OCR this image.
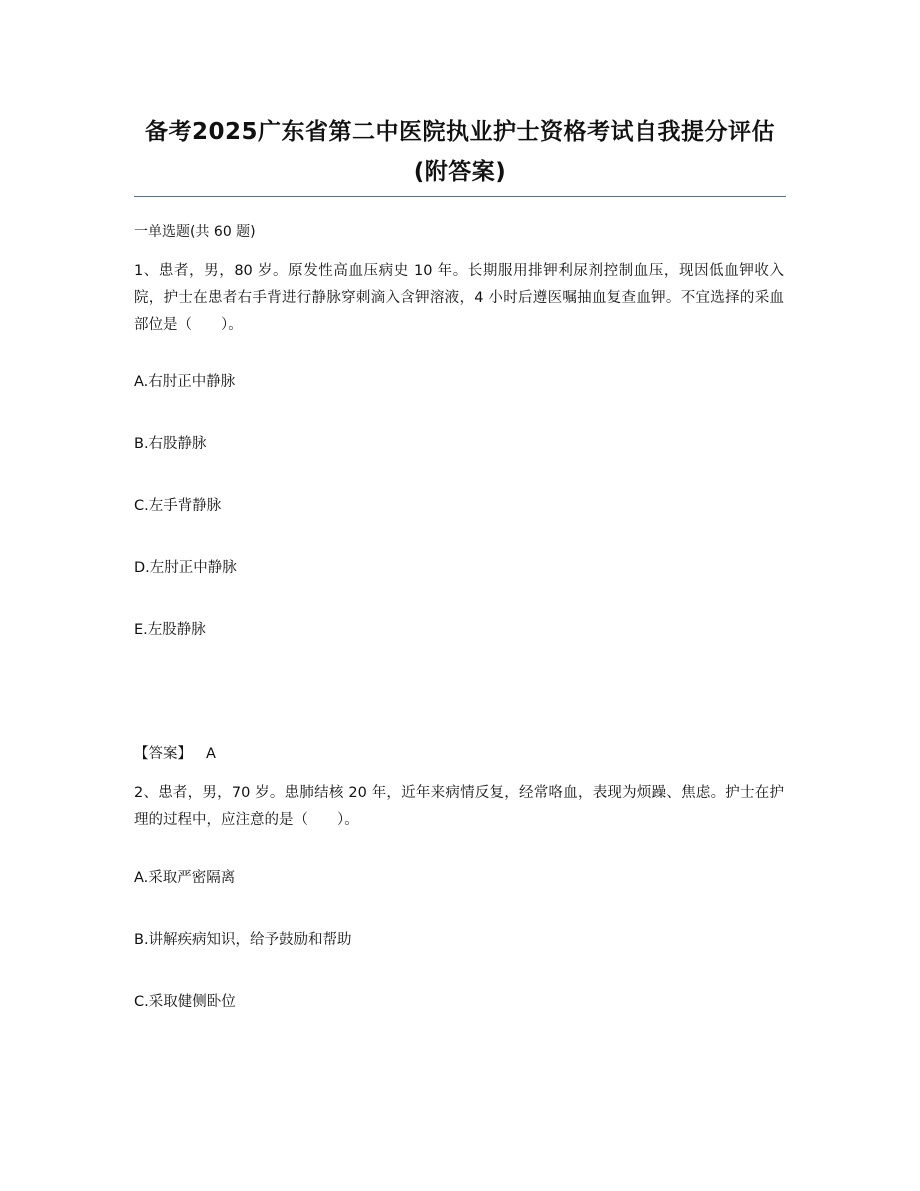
备考2025广东省第二中医院执业护士资格考试自我提分评估(附答案)
一单选题(共 60 题)

1、患者，男，80 岁。原发性高血压病史 10 年。长期服用排钾利尿剂控制血压，现因低血钾收入院，护士在患者右手背进行静脉穿刺滴入含钾溶液，4 小时后遵医嘱抽血复查血钾。不宜选择的采血部位是（　　）。

A.右肘正中静脉
B.右股静脉
C.左手背静脉
D.左肘正中静脉
E.左股静脉
【答案】 A

2、患者，男，70 岁。患肺结核 20 年，近年来病情反复，经常咯血，表现为烦躁、焦虑。护士在护理的过程中，应注意的是（　　）。

A.采取严密隔离
B.讲解疾病知识，给予鼓励和帮助
C.采取健侧卧位
